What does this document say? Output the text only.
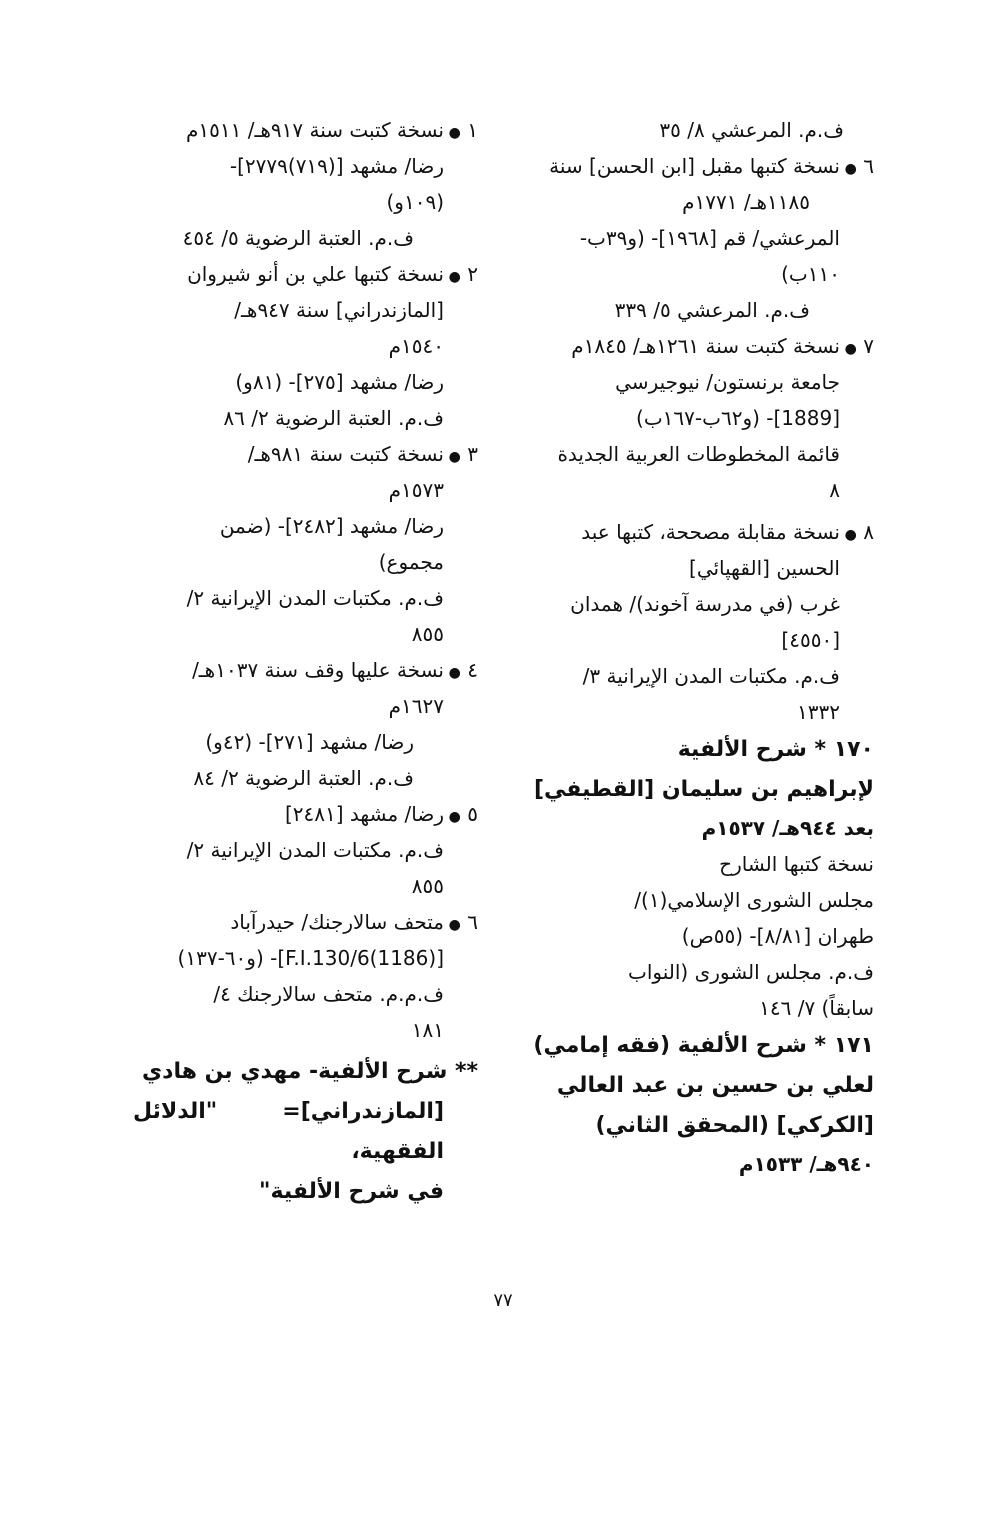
ف.م. المرعشي ٨/ ٣٥
٦ ●
نسخة كتبها مقبل [ابن الحسن] سنة
١١٨٥هـ/ ١٧٧١م
المرعشي/ قم [١٩٦٨]- (و٣٩ب-
١١٠ب)
ف.م. المرعشي ٥/ ٣٣٩
٧ ●
نسخة كتبت سنة ١٢٦١هـ/ ١٨٤٥م
جامعة برنستون/ نيوجيرسي
[1889]- (و٦٢ب-١٦٧ب)
قائمة المخطوطات العربية الجديدة
٨
٨ ●
نسخة مقابلة مصححة، كتبها عبد
الحسين [القهپائي]
غرب (في مدرسة آخوند)/ همدان
[٤٥٥٠]
ف.م. مكتبات المدن الإيرانية ٣/
١٣٣٢
١٧٠ * شرح الألفية
لإبراهيم بن سليمان [القطيفي]
بعد ٩٤٤هـ/ ١٥٣٧م
نسخة كتبها الشارح
مجلس الشورى الإسلامي(١)/
طهران [٨/٨١]- (٥٥ص)
ف.م. مجلس الشورى (النواب
سابقاً) ٧/ ١٤٦
١٧١ * شرح الألفية (فقه إمامي)
لعلي بن حسين بن عبد العالي
[الكركي] (المحقق الثاني)
٩٤٠هـ/ ١٥٣٣م
١ ●
نسخة كتبت سنة ٩١٧هـ/ ١٥١١م
رضا/ مشهد [(٧١٩)٢٧٧٩]-
(١٠٩و)
ف.م. العتبة الرضوية ٥/ ٤٥٤
٢ ●
نسخة كتبها علي بن أنو شيروان
[المازندراني] سنة ٩٤٧هـ/
١٥٤٠م
رضا/ مشهد [٢٧٥]- (٨١و)
ف.م. العتبة الرضوية ٢/ ٨٦
٣ ●
نسخة كتبت سنة ٩٨١هـ/
١٥٧٣م
رضا/ مشهد [٢٤٨٢]- (ضمن
مجموع)
ف.م. مكتبات المدن الإيرانية ٢/
٨٥٥
٤ ●
نسخة عليها وقف سنة ١٠٣٧هـ/
١٦٢٧م
رضا/ مشهد [٢٧١]- (٤٢و)
ف.م. العتبة الرضوية ٢/ ٨٤
٥ ●
رضا/ مشهد [٢٤٨١]
ف.م. مكتبات المدن الإيرانية ٢/
٨٥٥
٦ ●
متحف سالارجنك/ حيدرآباد
[(1186)F.I.130/6]- (و٦٠-١٣٧)
ف.م.م. متحف سالارجنك ٤/
١٨١
** شرح الألفية- مهدي بن هادي
[المازندراني]= "الدلائل الفقهية،
في شرح الألفية"
٧٧
